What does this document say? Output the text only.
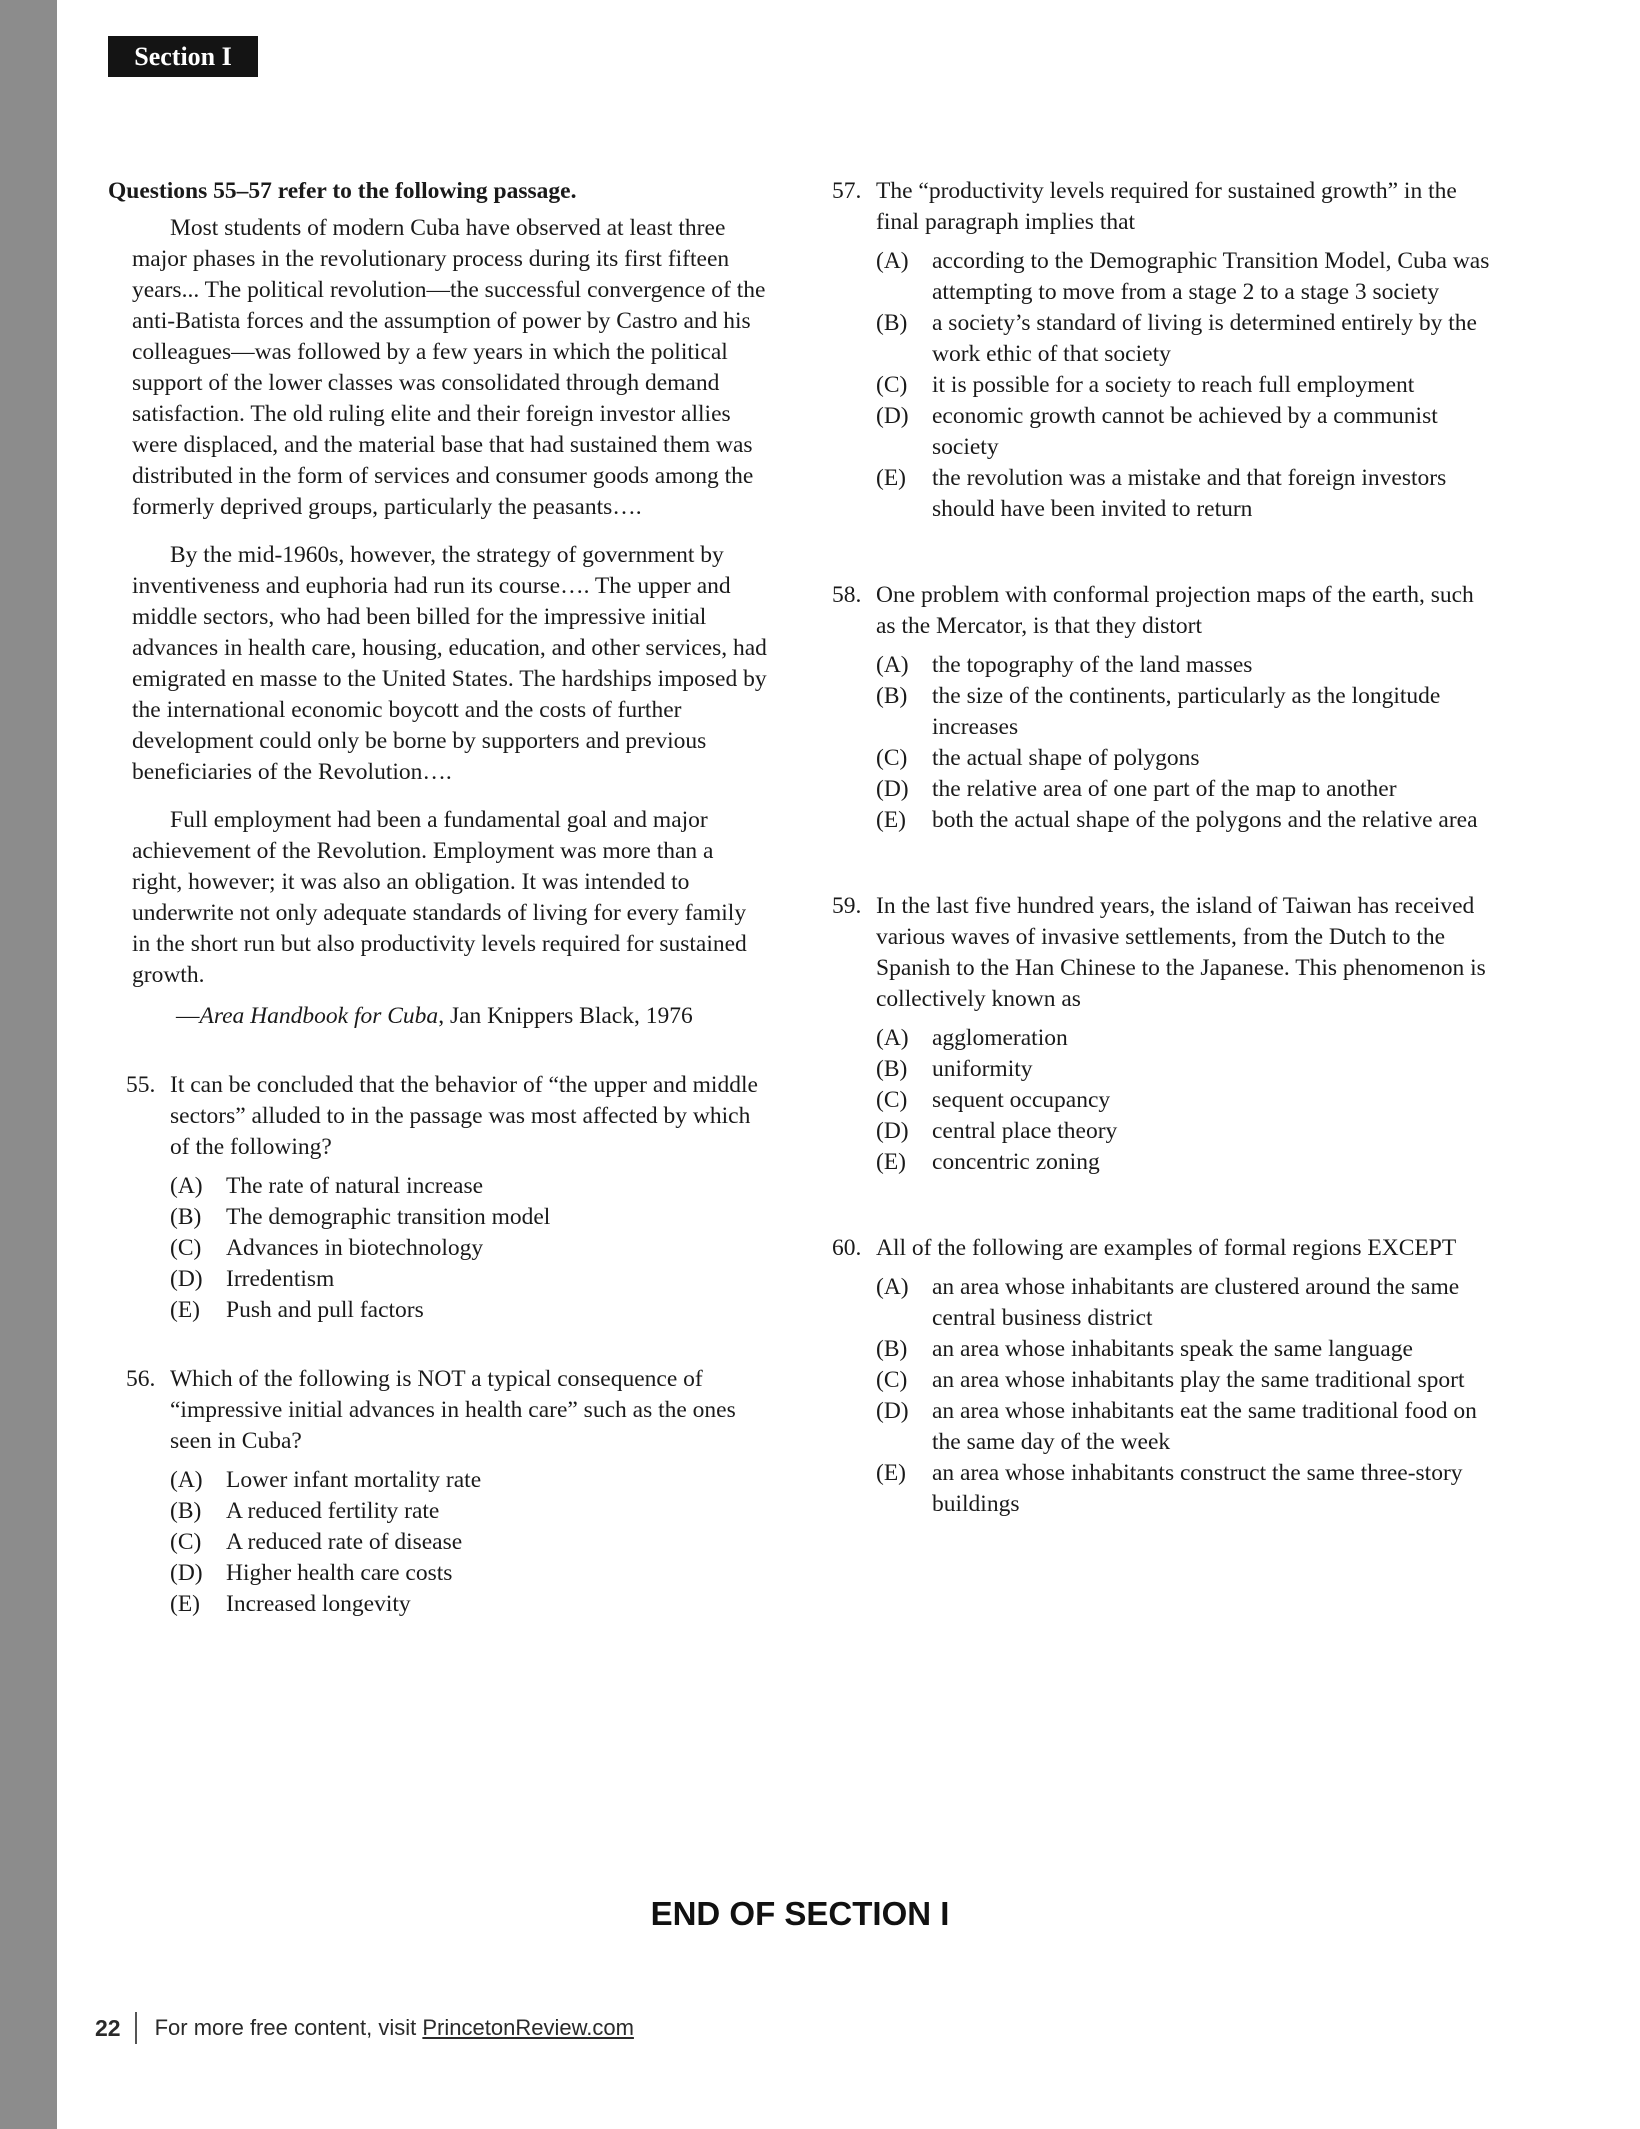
Section I
Questions 55–57 refer to the following passage.

Most students of modern Cuba have observed at least three major phases in the revolutionary process during its first fifteen years... The political revolution—the successful convergence of the anti-Batista forces and the assumption of power by Castro and his colleagues—was followed by a few years in which the political support of the lower classes was consolidated through demand satisfaction. The old ruling elite and their foreign investor allies were displaced, and the material base that had sustained them was distributed in the form of services and consumer goods among the formerly deprived groups, particularly the peasants….

By the mid-1960s, however, the strategy of government by inventiveness and euphoria had run its course…. The upper and middle sectors, who had been billed for the impressive initial advances in health care, housing, education, and other services, had emigrated en masse to the United States. The hardships imposed by the international economic boycott and the costs of further development could only be borne by supporters and previous beneficiaries of the Revolution….

Full employment had been a fundamental goal and major achievement of the Revolution. Employment was more than a right, however; it was also an obligation. It was intended to underwrite not only adequate standards of living for every family in the short run but also productivity levels required for sustained growth.

—Area Handbook for Cuba, Jan Knippers Black, 1976

55. It can be concluded that the behavior of “the upper and middle sectors” alluded to in the passage was most affected by which of the following?
(A) The rate of natural increase
(B)	The demographic transition model
(C)	Advances in biotechnology
(D) Irredentism
(E)	Push and pull factors
56. Which of the following is NOT a typical consequence of “impressive initial advances in health care” such as the ones seen in Cuba?
(A) Lower infant mortality rate
(B)	A reduced fertility rate
(C)	A reduced rate of disease
(D) Higher health care costs
(E)	Increased longevity
57. The “productivity levels required for sustained growth” in the final paragraph implies that
(A) according to the Demographic Transition Model, Cuba was attempting to move from a stage 2 to a stage 3 society
(B)	a society’s standard of living is determined entirely by the work ethic of that society
(C)	it is possible for a society to reach full employment
(D) economic growth cannot be achieved by a communist society
(E)	the revolution was a mistake and that foreign investors should have been invited to return
58. One problem with conformal projection maps of the earth, such as the Mercator, is that they distort
(A) the topography of the land masses
(B)	the size of the continents, particularly as the longitude increases
(C)	the actual shape of polygons
(D) the relative area of one part of the map to another
(E)	both the actual shape of the polygons and the relative area
59. In the last five hundred years, the island of Taiwan has received various waves of invasive settlements, from the Dutch to the Spanish to the Han Chinese to the Japanese. This phenomenon is collectively known as
(A) agglomeration
(B)	uniformity
(C)	sequent occupancy
(D) central place theory
(E)	concentric zoning
60. All of the following are examples of formal regions EXCEPT
(A) an area whose inhabitants are clustered around the same central business district
(B)	an area whose inhabitants speak the same language
(C)	an area whose inhabitants play the same traditional sport
(D) an area whose inhabitants eat the same traditional food on the same day of the week
(E)	an area whose inhabitants construct the same three-story buildings
END OF SECTION I
22	For more free content, visit
PrincetonReview.com
